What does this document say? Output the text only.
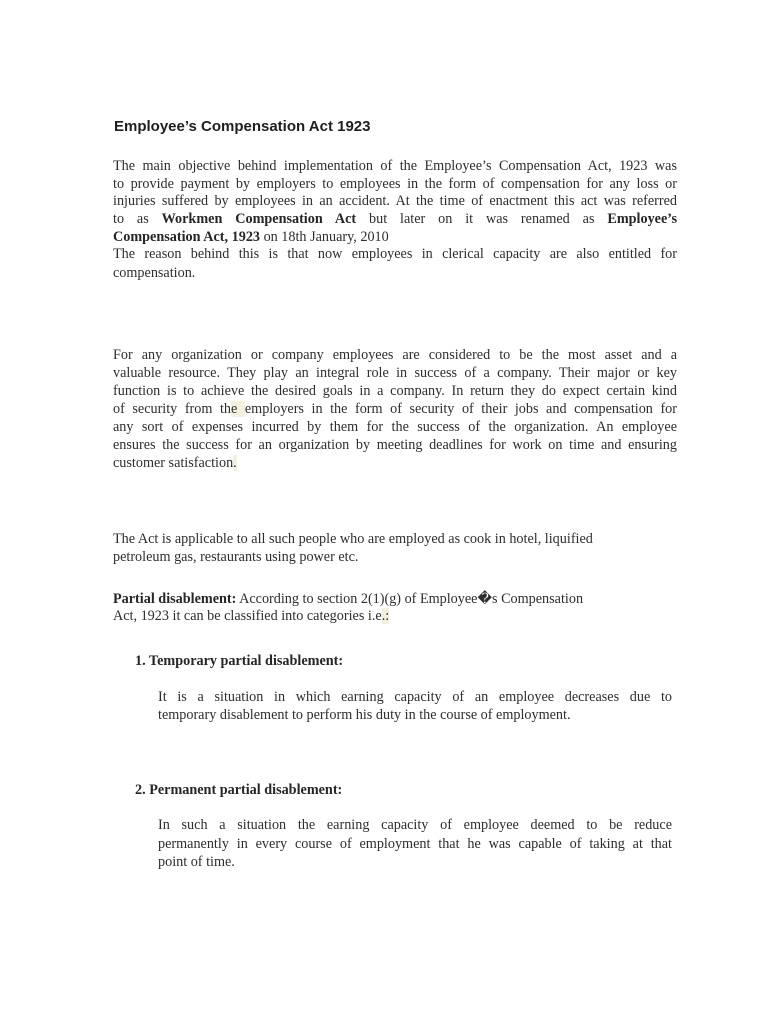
Employee’s Compensation Act 1923
The main objective behind implementation of the Employee’s Compensation Act, 1923 was
to provide payment by employers to employees in the form of compensation for any loss or
injuries suffered by employees in an accident. At the time of enactment this act was referred
to as Workmen Compensation Act but later on it was renamed as Employee’s
Compensation Act, 1923 on 18th January, 2010
The reason behind this is that now employees in clerical capacity are also entitled for
compensation.
For any organization or company employees are considered to be the most asset and a
valuable resource. They play an integral role in success of a company. Their major or key
function is to achieve the desired goals in a company. In return they do expect certain kind
of security from the employers in the form of security of their jobs and compensation for
any sort of expenses incurred by them for the success of the organization. An employee
ensures the success for an organization by meeting deadlines for work on time and ensuring
customer satisfaction.
The Act is applicable to all such people who are employed as cook in hotel, liquified
petroleum gas, restaurants using power etc.
Partial disablement: According to section 2(1)(g) of Employee�s Compensation
Act, 1923 it can be classified into categories i.e.:
1. Temporary partial disablement:
It is a situation in which earning capacity of an employee decreases due to
temporary disablement to perform his duty in the course of employment.
2. Permanent partial disablement:
In such a situation the earning capacity of employee deemed to be reduce
permanently in every course of employment that he was capable of taking at that
point of time.
